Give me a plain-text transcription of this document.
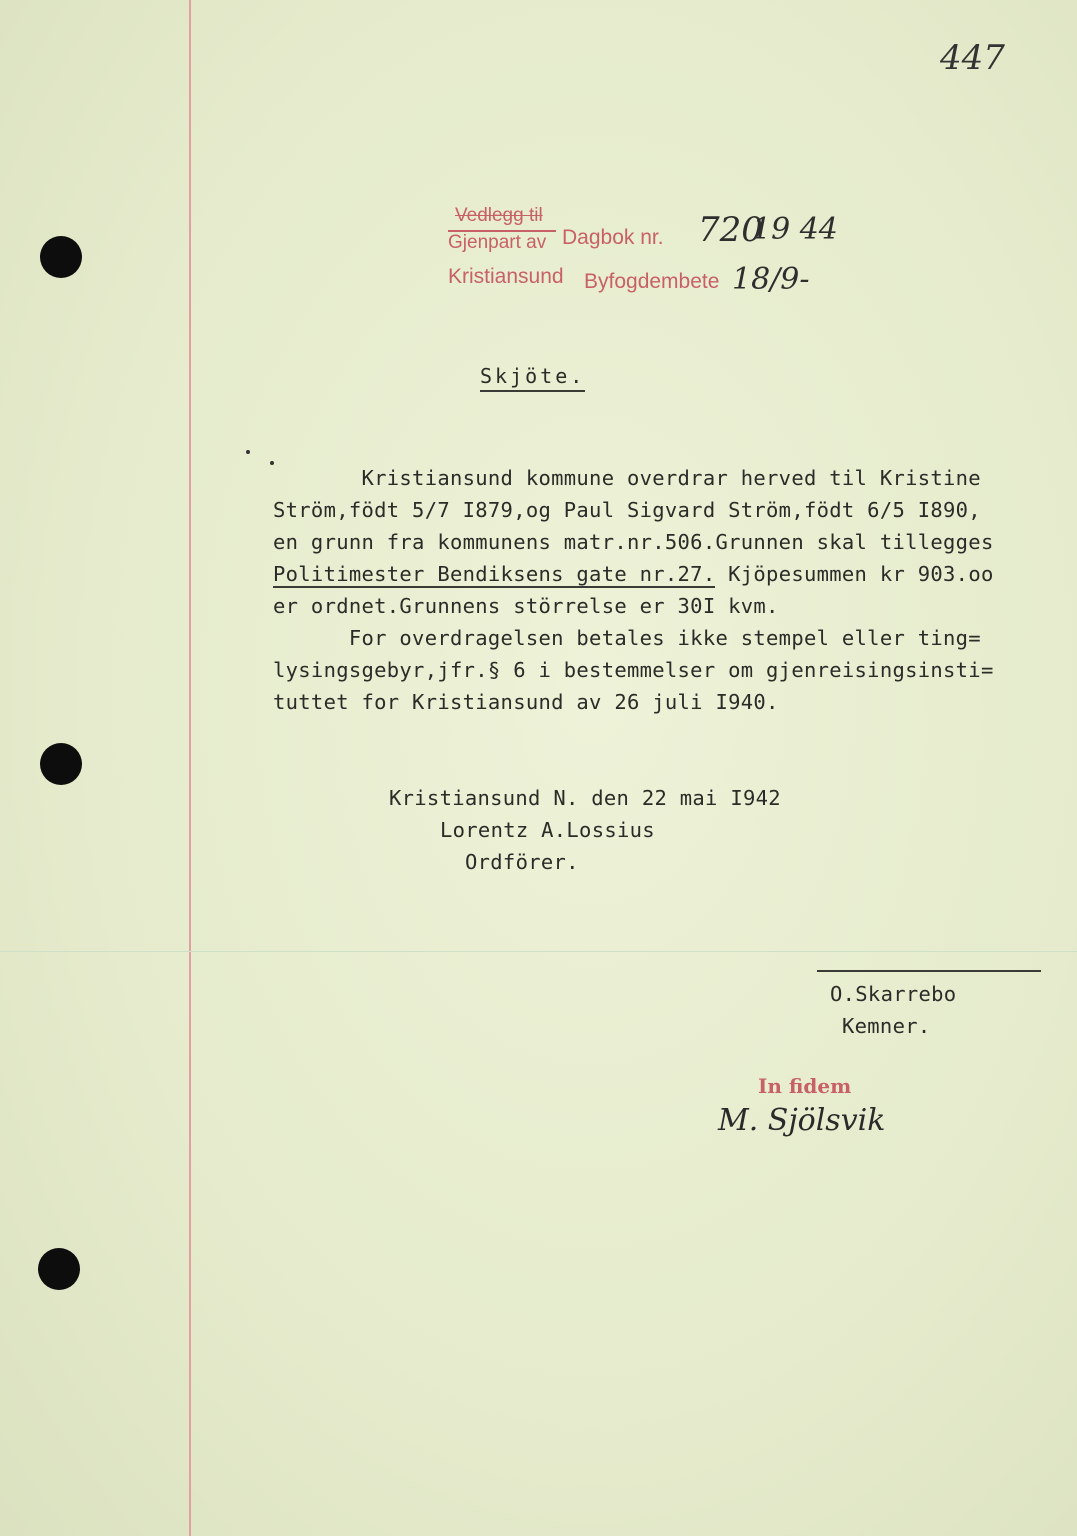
447
Vedlegg til
Gjenpart av Dagbok nr.
Kristiansund Byfogdembete
720
19 44
18/9-
Skjöte.
Kristiansund kommune overdrar herved til Kristine
Ström,födt 5/7 I879,og Paul Sigvard Ström,födt 6/5 I890,
en grunn fra kommunens matr.nr.506.Grunnen skal tillegges
Politimester Bendiksens gate nr.27. Kjöpesummen kr 903.oo
er ordnet.Grunnens störrelse er 30I kvm.
For overdragelsen betales ikke stempel eller ting=
lysingsgebyr,jfr.§ 6 i bestemmelser om gjenreisingsinsti=
tuttet for Kristiansund av 26 juli I940.
Kristiansund N. den 22 mai I942
Lorentz A.Lossius
Ordförer.
O.Skarrebo
Kemner.
In fidem
M. Sjölsvik
